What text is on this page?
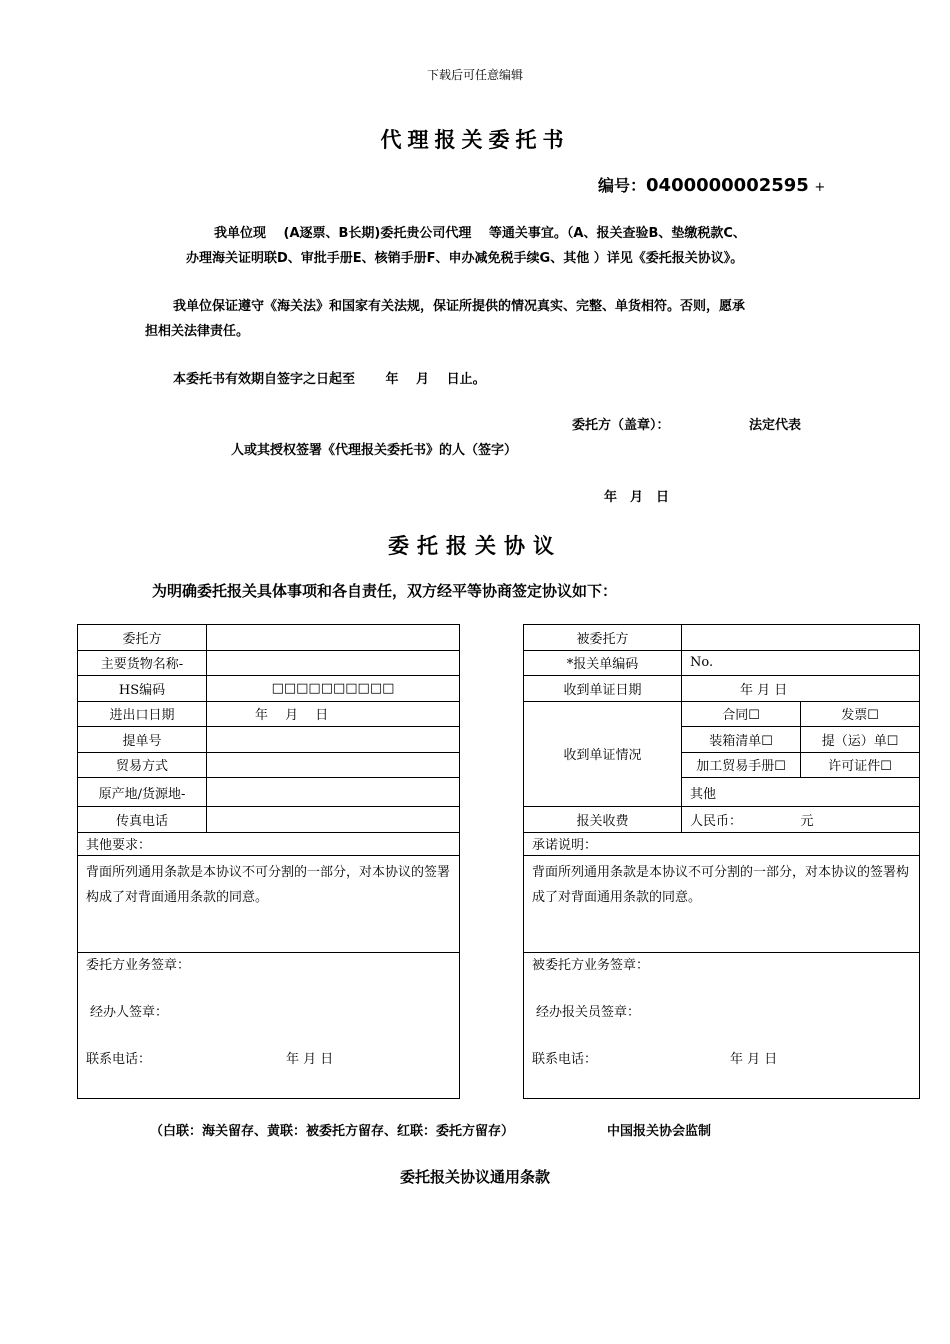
下载后可任意编辑
代理报关委托书
编号：0400000002595 +
我单位现　 (A逐票、B长期)委托贵公司代理　 等通关事宜。（A、报关查验B、垫缴税款C、
办理海关证明联D、审批手册E、核销手册F、申办减免税手续G、其他 ）详见《委托报关协议》。
我单位保证遵守《海关法》和国家有关法规，保证所提供的情况真实、完整、单货相符。否则，愿承
担相关法律责任。
本委托书有效期自签字之日起至　　 年　 月　 日止。
委托方（盖章）：	法定代表
人或其授权签署《代理报关委托书》的人（签字）
年　月　日
委托报关协议
为明确委托报关具体事项和各自责任，双方经平等协商签定协议如下：
委托方	
主要货物名称-	
HS编码	□□□□□□□□□□
进出口日期	年　 月　 日
提单号	
贸易方式	
原产地/货源地-	
传真电话	
其他要求：	
背面所列通用条款是本协议不可分割的一部分，对本协议的签署构成了对背面通用条款的同意。	

委托方业务签章：
经办人签章：
联系电话： 年 月 日	
被委托方		
*报关单编码	No.	
收到单证日期	年 月 日	
收到单证情况	合同☐	发票☐
	装箱清单☐	提（运）单☐
	加工贸易手册☐	许可证件☐
	其他	
报关收费	人民币：　　　　　元	
承诺说明：		
背面所列通用条款是本协议不可分割的一部分，对本协议的签署构成了对背面通用条款的同意。		

被委托方业务签章：
经办报关员签章：
联系电话： 年 月 日		
（白联：海关留存、黄联：被委托方留存、红联：委托方留存）	中国报关协会监制
委托报关协议通用条款
